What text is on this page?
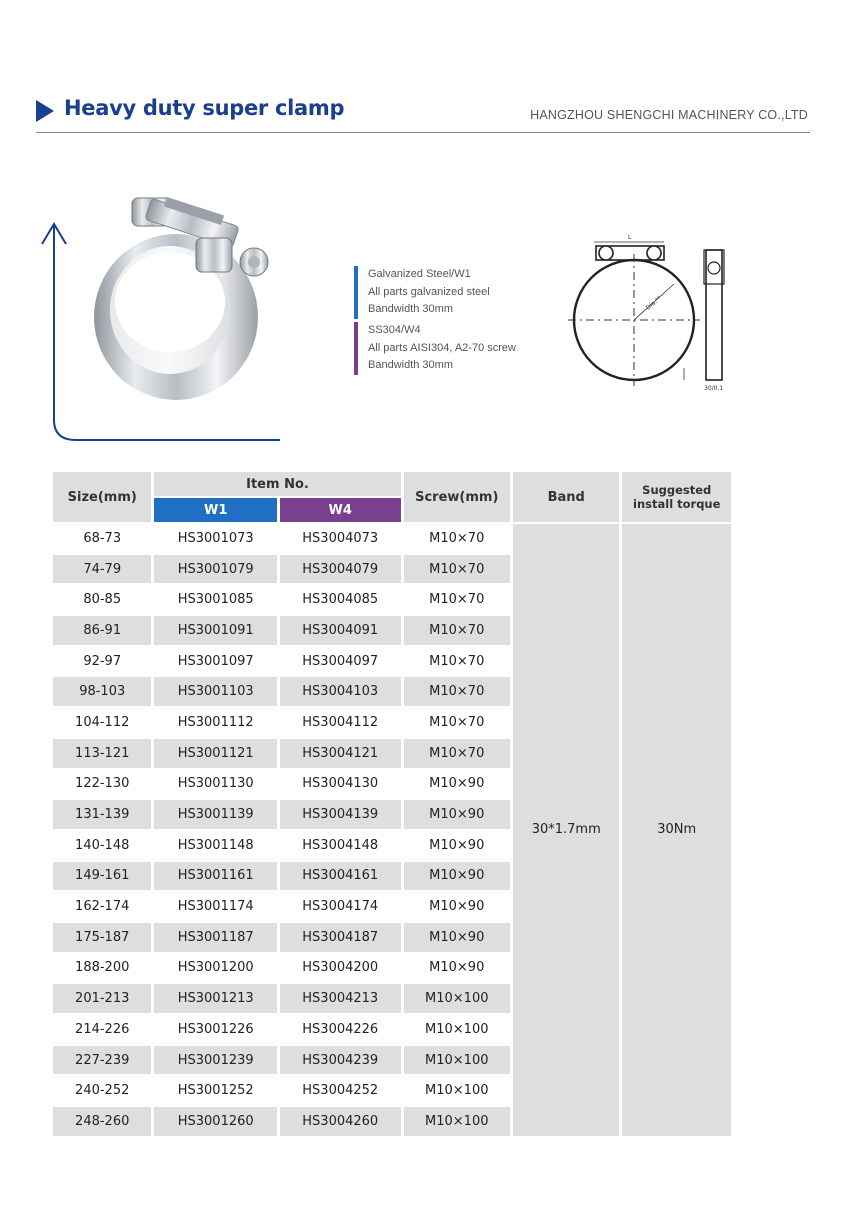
Heavy duty super clamp	HANGZHOU SHENGCHI MACHINERY CO.,LTD
Galvanized Steel/W1
All parts galvanized steel
Bandwidth 30mm
SS304/W4
All parts AISI304, A2-70 screw
Bandwidth 30mm
L
Dia.**
30/0.1
Size(mm)	Item No.		Screw(mm)	Band	Suggested
install torque
	W1	W4			
68-73	HS3001073	HS3004073	M10×70	30*1.7mm	30Nm
74-79	HS3001079	HS3004079	M10×70		
80-85	HS3001085	HS3004085	M10×70		
86-91	HS3001091	HS3004091	M10×70		
92-97	HS3001097	HS3004097	M10×70		
98-103	HS3001103	HS3004103	M10×70		
104-112	HS3001112	HS3004112	M10×70		
113-121	HS3001121	HS3004121	M10×70		
122-130	HS3001130	HS3004130	M10×90		
131-139	HS3001139	HS3004139	M10×90		
140-148	HS3001148	HS3004148	M10×90		
149-161	HS3001161	HS3004161	M10×90		
162-174	HS3001174	HS3004174	M10×90		
175-187	HS3001187	HS3004187	M10×90		
188-200	HS3001200	HS3004200	M10×90		
201-213	HS3001213	HS3004213	M10×100		
214-226	HS3001226	HS3004226	M10×100		
227-239	HS3001239	HS3004239	M10×100		
240-252	HS3001252	HS3004252	M10×100		
248-260	HS3001260	HS3004260	M10×100		
